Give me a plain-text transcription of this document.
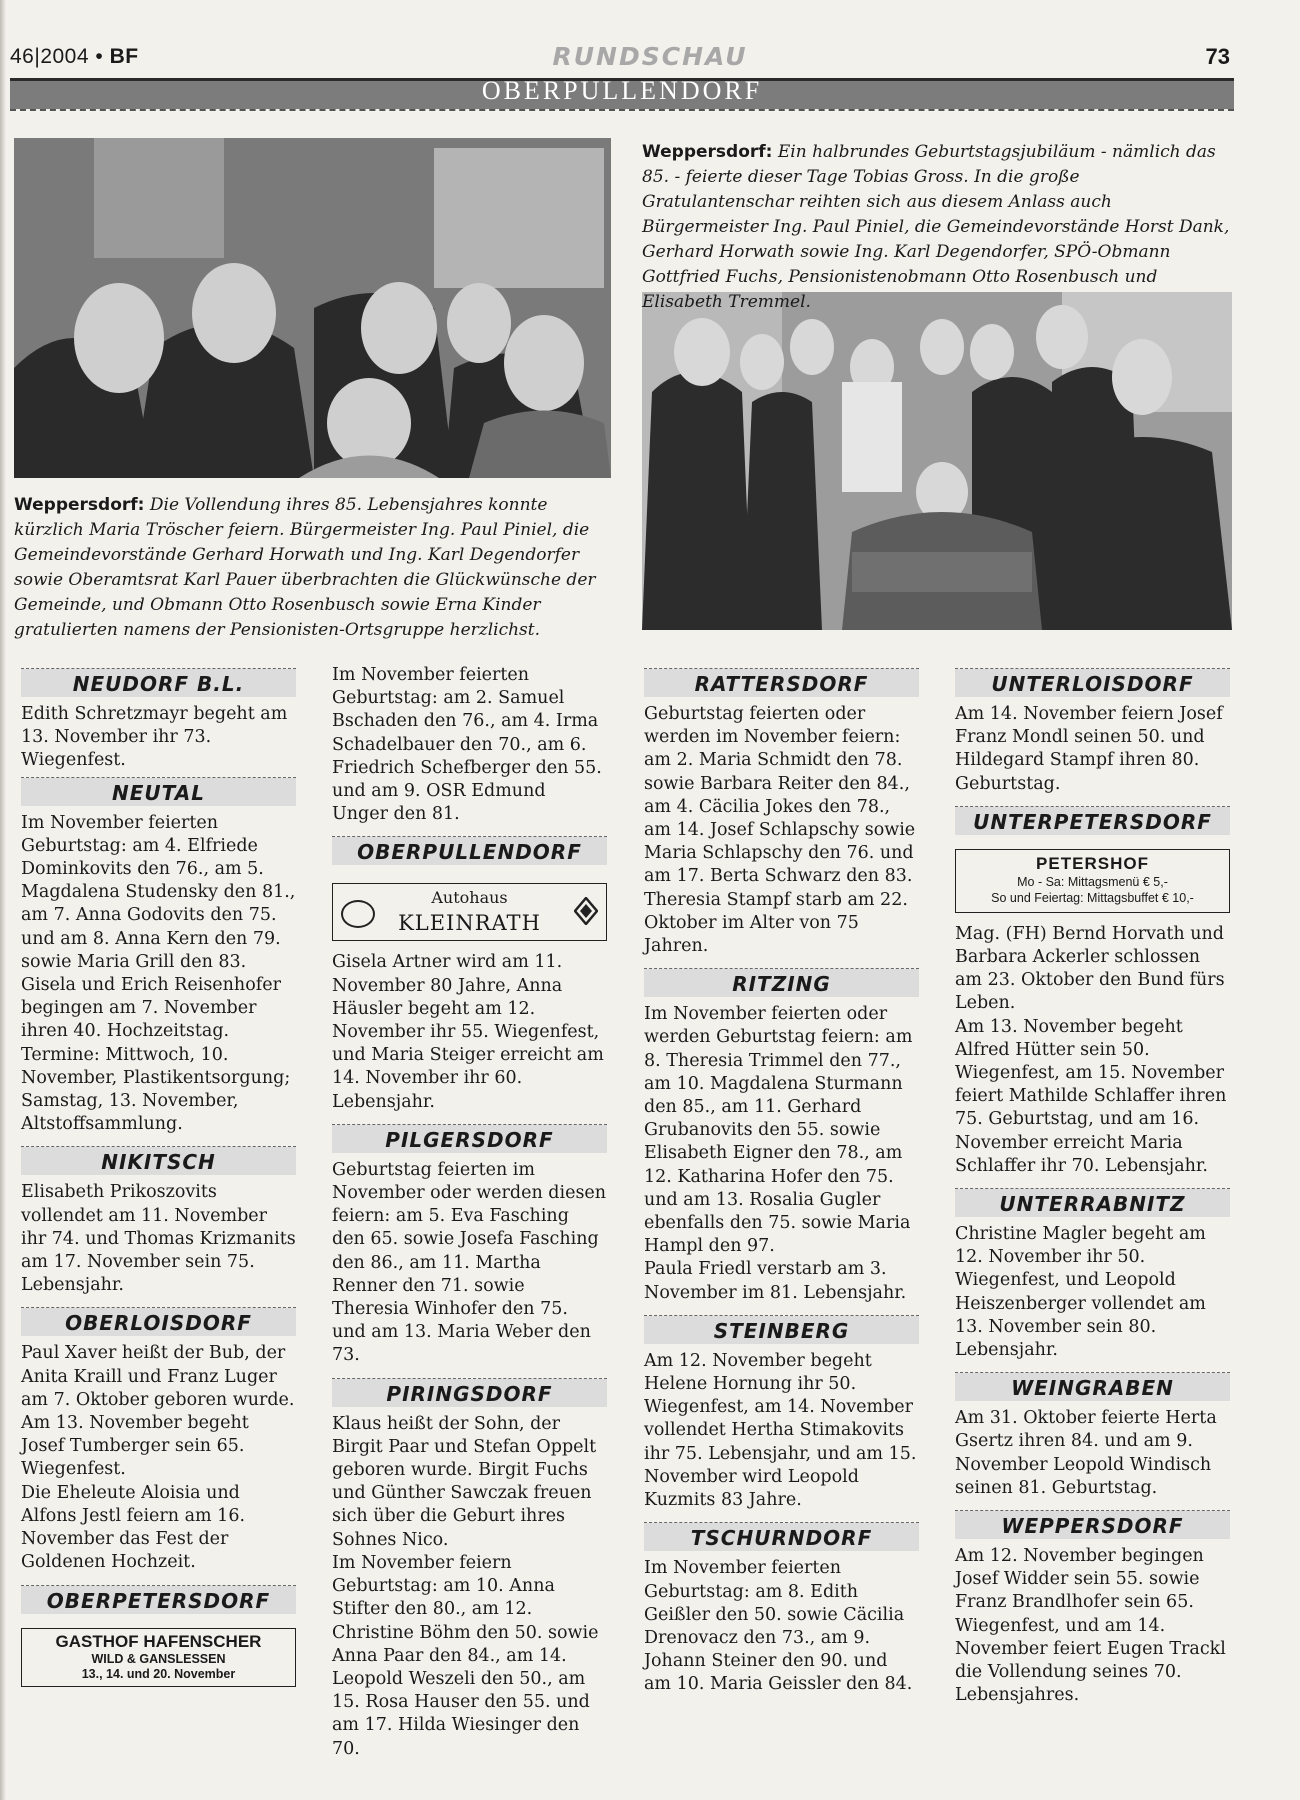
46|2004 • BF	RUNDSCHAU	73
OBERPULLENDORF
Weppersdorf: Ein halbrundes Geburtstagsjubiläum - nämlich das 85. - feierte dieser Tage Tobias Gross. In die große Gratulantenschar reihten sich aus diesem Anlass auch Bürgermeister Ing. Paul Piniel, die Gemeindevorstände Horst Dank, Gerhard Horwath sowie Ing. Karl Degendorfer, SPÖ-Obmann Gottfried Fuchs, Pensionistenobmann Otto Rosenbusch und Elisabeth Tremmel.
Weppersdorf: Die Vollendung ihres 85. Lebensjahres konnte kürzlich Maria Tröscher feiern. Bürgermeister Ing. Paul Piniel, die Gemeindevorstände Gerhard Horwath und Ing. Karl Degendorfer sowie Oberamtsrat Karl Pauer überbrachten die Glückwünsche der Gemeinde, und Obmann Otto Rosenbusch sowie Erna Kinder gratulierten namens der Pensionisten-Ortsgruppe herzlichst.
NEUDORF B.L.

Edith Schretzmayr begeht am 13. November ihr 73. Wiegenfest.

NEUTAL

Im November feierten Geburtstag: am 4. Elfriede Dominkovits den 76., am 5. Magdalena Studensky den 81., am 7. Anna Godovits den 75. und am 8. Anna Kern den 79. sowie Maria Grill den 83. Gisela und Erich Reisenhofer begingen am 7. November ihren 40. Hochzeitstag. Termine: Mittwoch, 10. November, Plastikentsorgung; Samstag, 13. November, Altstoffsammlung.

NIKITSCH

Elisabeth Prikoszovits vollendet am 11. November ihr 74. und Thomas Krizmanits am 17. November sein 75. Lebensjahr.

OBERLOISDORF

Paul Xaver heißt der Bub, der Anita Kraill und Franz Luger am 7. Oktober geboren wurde. Am 13. November begeht Josef Tumberger sein 65. Wiegenfest.

Die Eheleute Aloisia und Alfons Jestl feiern am 16. November das Fest der Goldenen Hochzeit.

OBERPETERSDORF
GASTHOF HAFENSCHER
WILD & GANSLESSEN
13., 14. und 20. November

Im November feierten Geburtstag: am 2. Samuel Bschaden den 76., am 4. Irma Schadelbauer den 70., am 6. Friedrich Schefberger den 55. und am 9. OSR Edmund Unger den 81.

OBERPULLENDORF
Autohaus
KLEINRATH

Gisela Artner wird am 11. November 80 Jahre, Anna Häusler begeht am 12. November ihr 55. Wiegenfest, und Maria Steiger erreicht am 14. November ihr 60. Lebensjahr.

PILGERSDORF

Geburtstag feierten im November oder werden diesen feiern: am 5. Eva Fasching den 65. sowie Josefa Fasching den 86., am 11. Martha Renner den 71. sowie Theresia Winhofer den 75. und am 13. Maria Weber den 73.

PIRINGSDORF

Klaus heißt der Sohn, der Birgit Paar und Stefan Oppelt geboren wurde. Birgit Fuchs und Günther Sawczak freuen sich über die Geburt ihres Sohnes Nico.

Im November feiern Geburtstag: am 10. Anna Stifter den 80., am 12. Christine Böhm den 50. sowie Anna Paar den 84., am 14. Leopold Weszeli den 50., am 15. Rosa Hauser den 55. und am 17. Hilda Wiesinger den 70.

RATTERSDORF

Geburtstag feierten oder werden im November feiern: am 2. Maria Schmidt den 78. sowie Barbara Reiter den 84., am 4. Cäcilia Jokes den 78., am 14. Josef Schlapschy sowie Maria Schlapschy den 76. und am 17. Berta Schwarz den 83. Theresia Stampf starb am 22. Oktober im Alter von 75 Jahren.

RITZING

Im November feierten oder werden Geburtstag feiern: am 8. Theresia Trimmel den 77., am 10. Magdalena Sturmann den 85., am 11. Gerhard Grubanovits den 55. sowie Elisabeth Eigner den 78., am 12. Katharina Hofer den 75. und am 13. Rosalia Gugler ebenfalls den 75. sowie Maria Hampl den 97.

Paula Friedl verstarb am 3. November im 81. Lebensjahr.

STEINBERG

Am 12. November begeht Helene Hornung ihr 50. Wiegenfest, am 14. November vollendet Hertha Stimakovits ihr 75. Lebensjahr, und am 15. November wird Leopold Kuzmits 83 Jahre.

TSCHURNDORF

Im November feierten Geburtstag: am 8. Edith Geißler den 50. sowie Cäcilia Drenovacz den 73., am 9. Johann Steiner den 90. und am 10. Maria Geissler den 84.

UNTERLOISDORF

Am 14. November feiern Josef Franz Mondl seinen 50. und Hildegard Stampf ihren 80. Geburtstag.

UNTERPETERSDORF
PETERSHOF
Mo - Sa: Mittagsmenü € 5,-
So und Feiertag: Mittagsbuffet € 10,-

Mag. (FH) Bernd Horvath und Barbara Ackerler schlossen am 23. Oktober den Bund fürs Leben.

Am 13. November begeht Alfred Hütter sein 50. Wiegenfest, am 15. November feiert Mathilde Schlaffer ihren 75. Geburtstag, und am 16. November erreicht Maria Schlaffer ihr 70. Lebensjahr.

UNTERRABNITZ

Christine Magler begeht am 12. November ihr 50. Wiegenfest, und Leopold Heiszenberger vollendet am 13. November sein 80. Lebensjahr.

WEINGRABEN

Am 31. Oktober feierte Herta Gsertz ihren 84. und am 9. November Leopold Windisch seinen 81. Geburtstag.

WEPPERSDORF

Am 12. November begingen Josef Widder sein 55. sowie Franz Brandlhofer sein 65. Wiegenfest, und am 14. November feiert Eugen Trackl die Vollendung seines 70. Lebensjahres.
